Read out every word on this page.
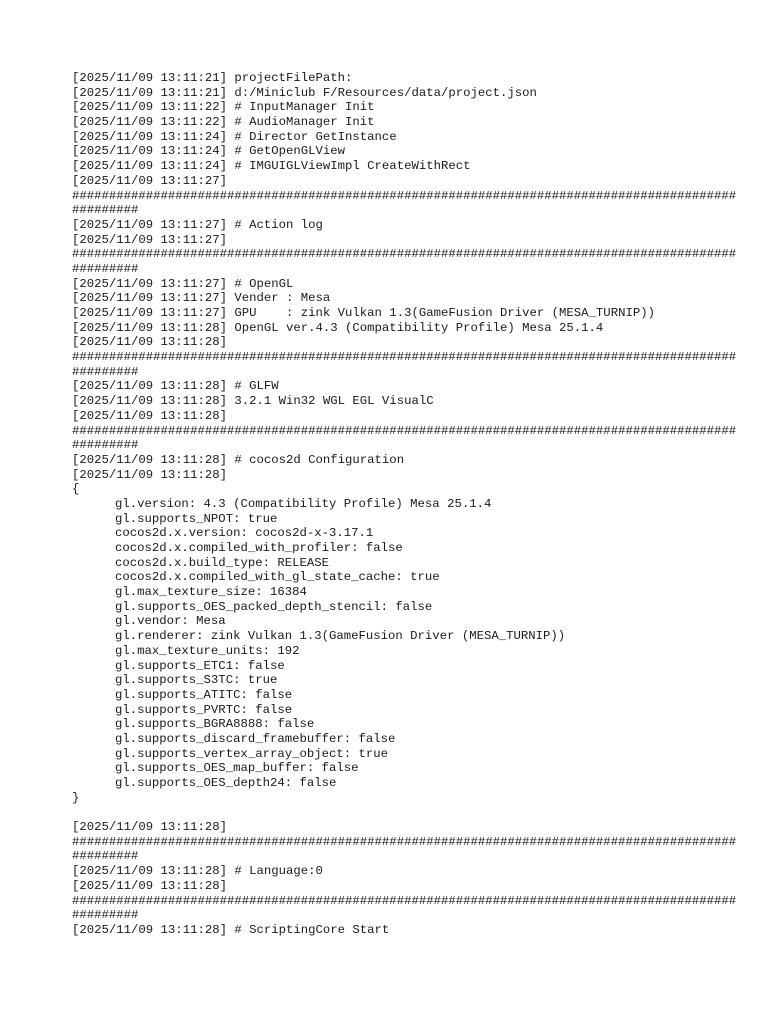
[2025/11/09 13:11:21] projectFilePath:
[2025/11/09 13:11:21] d:/Miniclub F/Resources/data/project.json
[2025/11/09 13:11:22] # InputManager Init
[2025/11/09 13:11:22] # AudioManager Init
[2025/11/09 13:11:24] # Director GetInstance
[2025/11/09 13:11:24] # GetOpenGLView
[2025/11/09 13:11:24] # IMGUIGLViewImpl CreateWithRect
[2025/11/09 13:11:27]
##########################################################################################
#########
[2025/11/09 13:11:27] # Action log
[2025/11/09 13:11:27]
##########################################################################################
#########
[2025/11/09 13:11:27] # OpenGL
[2025/11/09 13:11:27] Vender : Mesa
[2025/11/09 13:11:27] GPU    : zink Vulkan 1.3(GameFusion Driver (MESA_TURNIP))
[2025/11/09 13:11:28] OpenGL ver.4.3 (Compatibility Profile) Mesa 25.1.4
[2025/11/09 13:11:28]
##########################################################################################
#########
[2025/11/09 13:11:28] # GLFW
[2025/11/09 13:11:28] 3.2.1 Win32 WGL EGL VisualC
[2025/11/09 13:11:28]
##########################################################################################
#########
[2025/11/09 13:11:28] # cocos2d Configuration
[2025/11/09 13:11:28]
{
gl.version: 4.3 (Compatibility Profile) Mesa 25.1.4
gl.supports_NPOT: true
cocos2d.x.version: cocos2d-x-3.17.1
cocos2d.x.compiled_with_profiler: false
cocos2d.x.build_type: RELEASE
cocos2d.x.compiled_with_gl_state_cache: true
gl.max_texture_size: 16384
gl.supports_OES_packed_depth_stencil: false
gl.vendor: Mesa
gl.renderer: zink Vulkan 1.3(GameFusion Driver (MESA_TURNIP))
gl.max_texture_units: 192
gl.supports_ETC1: false
gl.supports_S3TC: true
gl.supports_ATITC: false
gl.supports_PVRTC: false
gl.supports_BGRA8888: false
gl.supports_discard_framebuffer: false
gl.supports_vertex_array_object: true
gl.supports_OES_map_buffer: false
gl.supports_OES_depth24: false
}
[2025/11/09 13:11:28]
##########################################################################################
#########
[2025/11/09 13:11:28] # Language:0
[2025/11/09 13:11:28]
##########################################################################################
#########
[2025/11/09 13:11:28] # ScriptingCore Start
